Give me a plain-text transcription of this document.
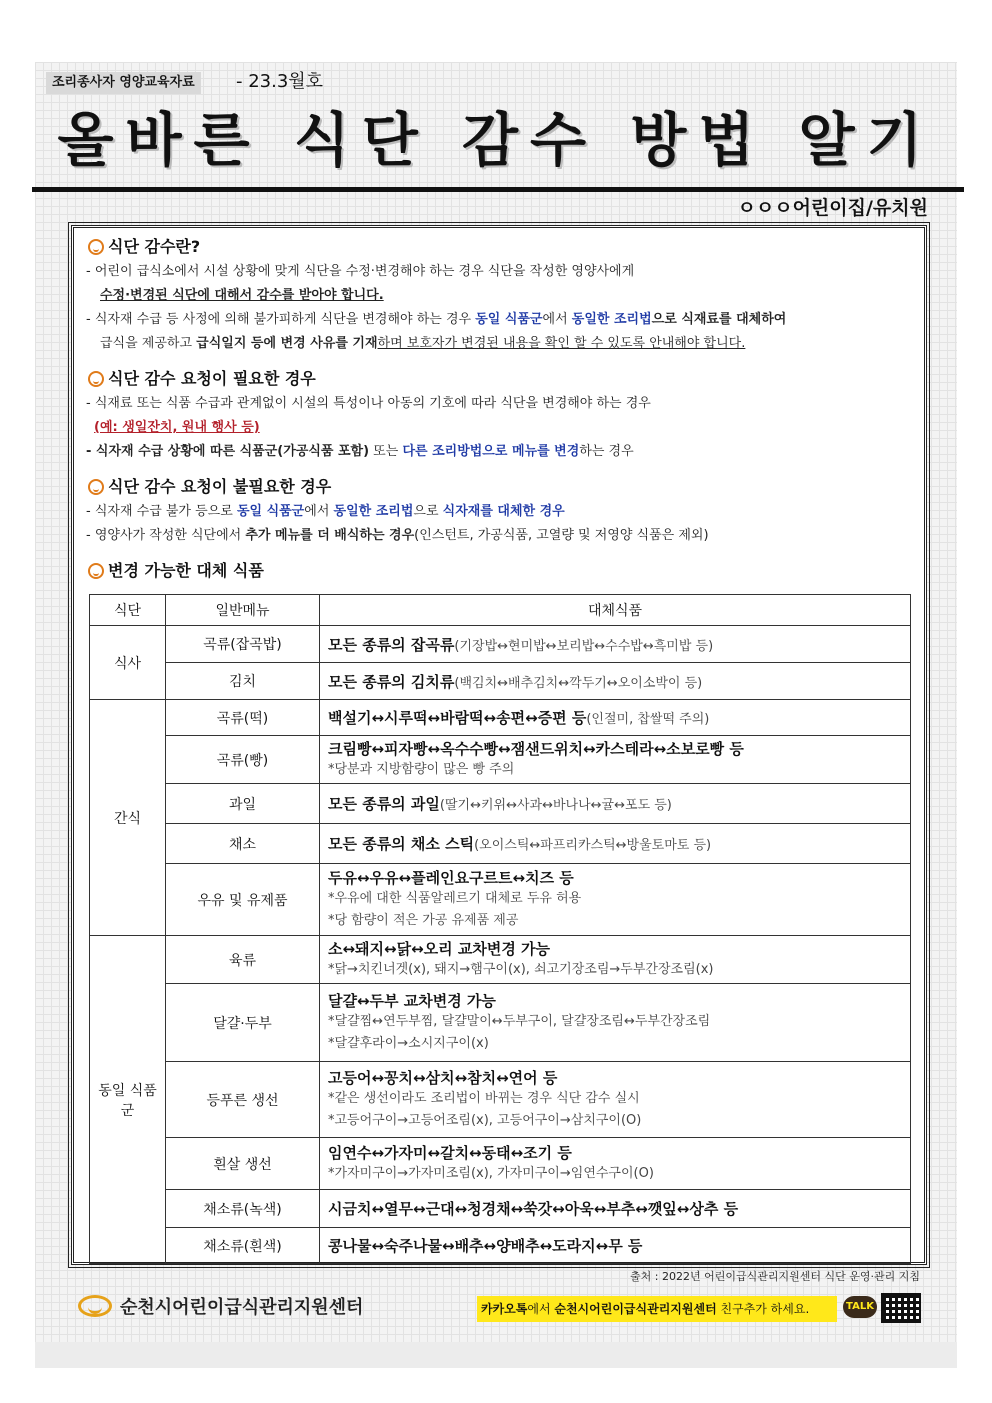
조리종사자 영양교육자료	- 23.3월호
올바른 식단 감수 방법 알기
ㅇㅇㅇ어린이집/유치원
식단 감수란?
- 어린이 급식소에서 시설 상황에 맞게 식단을 수정·변경해야 하는 경우 식단을 작성한 영양사에게
수정·변경된 식단에 대해서 감수를 받아야 합니다.
- 식자재 수급 등 사정에 의해 불가피하게 식단을 변경해야 하는 경우 동일 식품군에서 동일한 조리법으로 식재료를 대체하여
급식을 제공하고 급식일지 등에 변경 사유를 기재하며 보호자가 변경된 내용을 확인 할 수 있도록 안내해야 합니다.
식단 감수 요청이 필요한 경우
- 식재료 또는 식품 수급과 관계없이 시설의 특성이나 아동의 기호에 따라 식단을 변경해야 하는 경우
(예: 생일잔치, 원내 행사 등)
- 식자재 수급 상황에 따른 식품군(가공식품 포함) 또는 다른 조리방법으로 메뉴를 변경하는 경우
식단 감수 요청이 불필요한 경우
- 식자재 수급 불가 등으로 동일 식품군에서 동일한 조리법으로 식자재를 대체한 경우
- 영양사가 작성한 식단에서 추가 메뉴를 더 배식하는 경우(인스턴트, 가공식품, 고열량 및 저영양 식품은 제외)
변경 가능한 대체 식품
식단	일반메뉴	대체식품
식사	곡류(잡곡밥)	모든 종류의 잡곡류(기장밥↔현미밥↔보리밥↔수수밥↔흑미밥 등)
	김치	모든 종류의 김치류(백김치↔배추김치↔깍두기↔오이소박이 등)
간식	곡류(떡)	백설기↔시루떡↔바람떡↔송편↔증편 등(인절미, 찹쌀떡 주의)
	곡류(빵)	크림빵↔피자빵↔옥수수빵↔잼샌드위치↔카스테라↔소보로빵 등
*당분과 지방함량이 많은 빵 주의

	과일	모든 종류의 과일(딸기↔키위↔사과↔바나나↔귤↔포도 등)
	채소	모든 종류의 채소 스틱(오이스틱↔파프리카스틱↔방울토마토 등)
	우유 및 유제품	두유↔우유↔플레인요구르트↔치즈 등
*우유에 대한 식품알레르기 대체로 두유 허용
*당 함량이 적은 가공 유제품 제공

동일 식품군	육류	소↔돼지↔닭↔오리 교차변경 가능
*닭→치킨너겟(x), 돼지→햄구이(x), 쇠고기장조림→두부간장조림(x)

	달걀·두부	달걀↔두부 교차변경 가능
*달걀찜↔연두부찜, 달걀말이↔두부구이, 달걀장조림↔두부간장조림
*달걀후라이→소시지구이(x)

	등푸른 생선	고등어↔꽁치↔삼치↔참치↔연어 등
*같은 생선이라도 조리법이 바뀌는 경우 식단 감수 실시
*고등어구이→고등어조림(x), 고등어구이→삼치구이(O)

	흰살 생선	임연수↔가자미↔갈치↔동태↔조기 등
*가자미구이→가자미조림(x), 가자미구이→임연수구이(O)

	채소류(녹색)	시금치↔열무↔근대↔청경채↔쑥갓↔아욱↔부추↔깻잎↔상추 등
	채소류(흰색)	콩나물↔숙주나물↔배추↔양배추↔도라지↔무 등
출처 : 2022년 어린이급식관리지원센터 식단 운영·관리 지침
순천시어린이급식관리지원센터	카카오톡에서 순천시어린이급식관리지원센터 친구추가 하세요.	TALK
